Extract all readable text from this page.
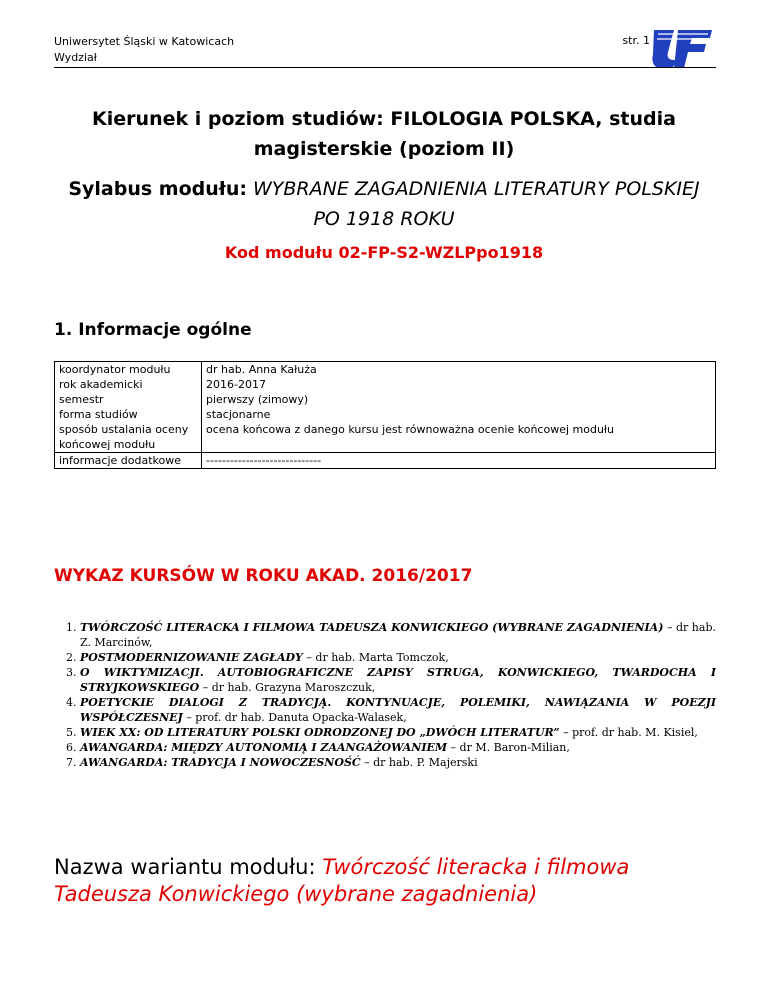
Uniwersytet Śląski w Katowicach
Wydział
str. 1
Kierunek i poziom studiów: FILOLOGIA POLSKA, studia magisterskie (poziom II)
Sylabus modułu: WYBRANE ZAGADNIENIA LITERATURY POLSKIEJ PO 1918 ROKU
Kod modułu 02-FP-S2-WZLPpo1918
1. Informacje ogólne
koordynator modułu	dr hab. Anna Kałuża
rok akademicki	2016-2017
semestr	pierwszy (zimowy)
forma studiów	stacjonarne
sposób ustalania oceny końcowej modułu	ocena końcowa z danego kursu jest równoważna ocenie końcowej modułu
informacje dodatkowe	-----------------------------
WYKAZ KURSÓW W ROKU AKAD. 2016/2017
1. TWÓRCZOŚĆ LITERACKA I FILMOWA TADEUSZA KONWICKIEGO (WYBRANE ZAGADNIENIA) – dr hab. Z. Marcinów,
2. POSTMODERNIZOWANIE ZAGŁADY – dr hab. Marta Tomczok,
3. O WIKTYMIZACJI. AUTOBIOGRAFICZNE ZAPISY STRUGA, KONWICKIEGO, TWARDOCHA I STRYJKOWSKIEGO – dr hab. Grazyna Maroszczuk,
4. POETYCKIE DIALOGI Z TRADYCJĄ. KONTYNUACJE, POLEMIKI, NAWIĄZANIA W POEZJI WSPÓŁCZESNEJ – prof. dr hab. Danuta Opacka-Walasek,
5. WIEK XX: OD LITERATURY POLSKI ODRODZONEJ DO „DWÓCH LITERATUR” – prof. dr hab. M. Kisiel,
6. AWANGARDA: MIĘDZY AUTONOMIĄ I ZAANGAŻOWANIEM – dr M. Baron-Milian,
7. AWANGARDA: TRADYCJA I NOWOCZESNOŚĆ – dr hab. P. Majerski
Nazwa wariantu modułu: Twórczość literacka i filmowa Tadeusza Konwickiego (wybrane zagadnienia)
